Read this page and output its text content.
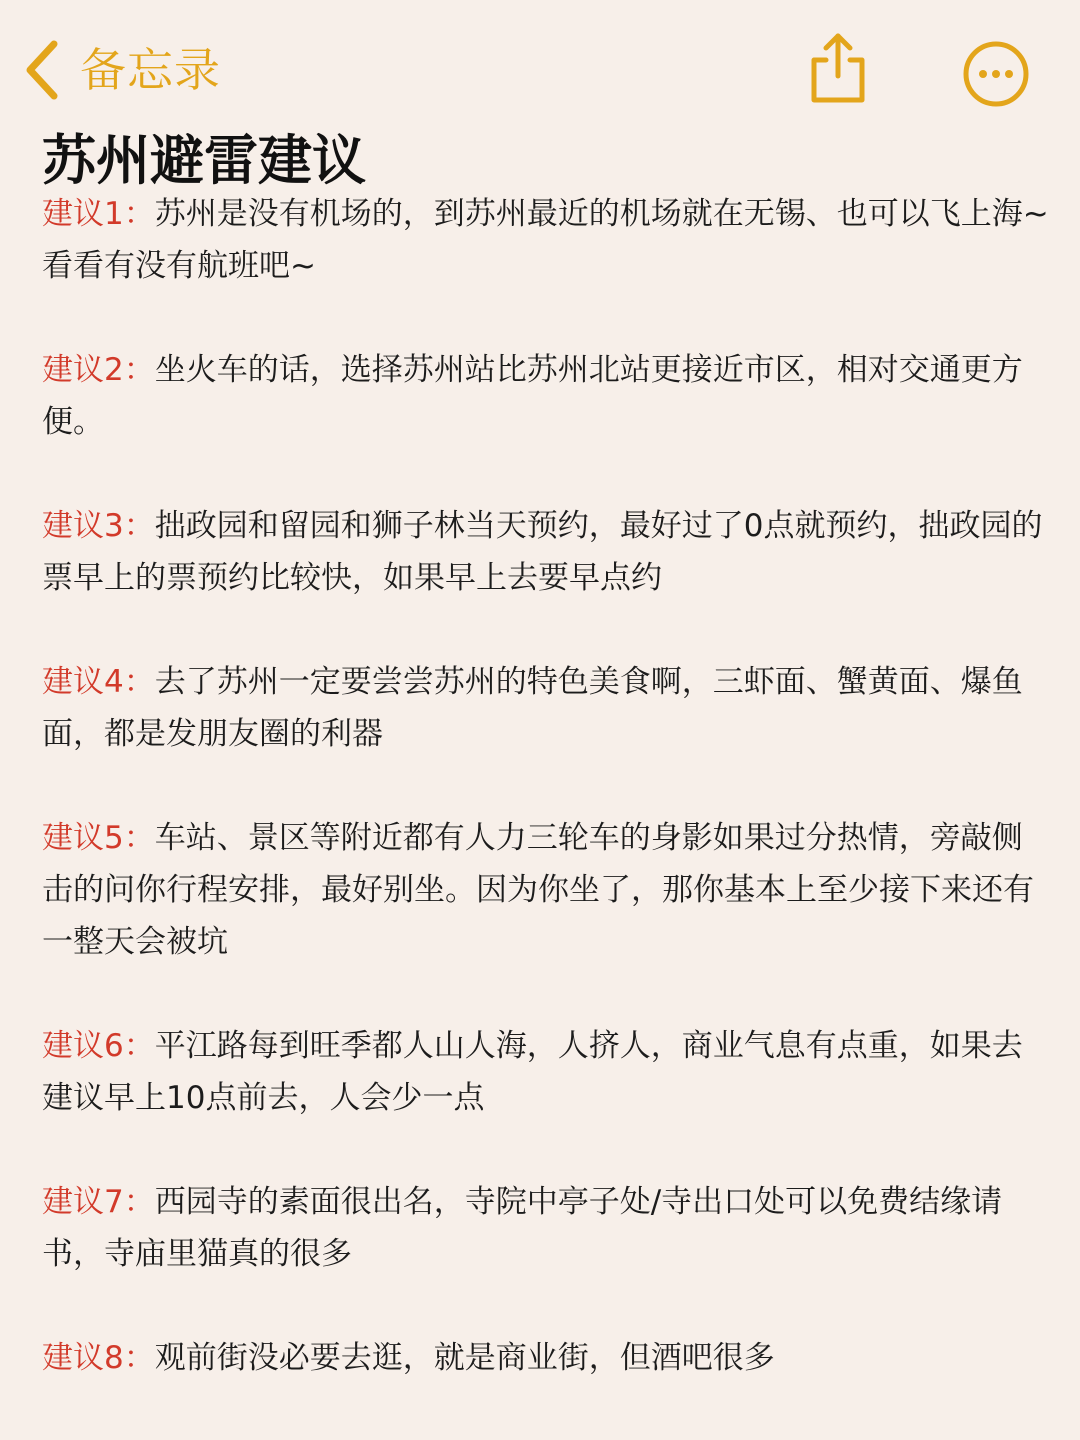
备忘录
苏州避雷建议

建议1：苏州是没有机场的，到苏州最近的机场就在无锡、也可以飞上海~看看有没有航班吧~

建议2：坐火车的话，选择苏州站比苏州北站更接近市区，相对交通更方便。

建议3：拙政园和留园和狮子林当天预约，最好过了0点就预约，拙政园的票早上的票预约比较快，如果早上去要早点约

建议4：去了苏州一定要尝尝苏州的特色美食啊，三虾面、蟹黄面、爆鱼面，都是发朋友圈的利器

建议5：车站、景区等附近都有人力三轮车的身影如果过分热情，旁敲侧击的问你行程安排，最好别坐。因为你坐了，那你基本上至少接下来还有一整天会被坑

建议6：平江路每到旺季都人山人海，人挤人，商业气息有点重，如果去建议早上10点前去，人会少一点

建议7：西园寺的素面很出名，寺院中亭子处/寺出口处可以免费结缘请书，寺庙里猫真的很多

建议8：观前街没必要去逛，就是商业街，但酒吧很多
